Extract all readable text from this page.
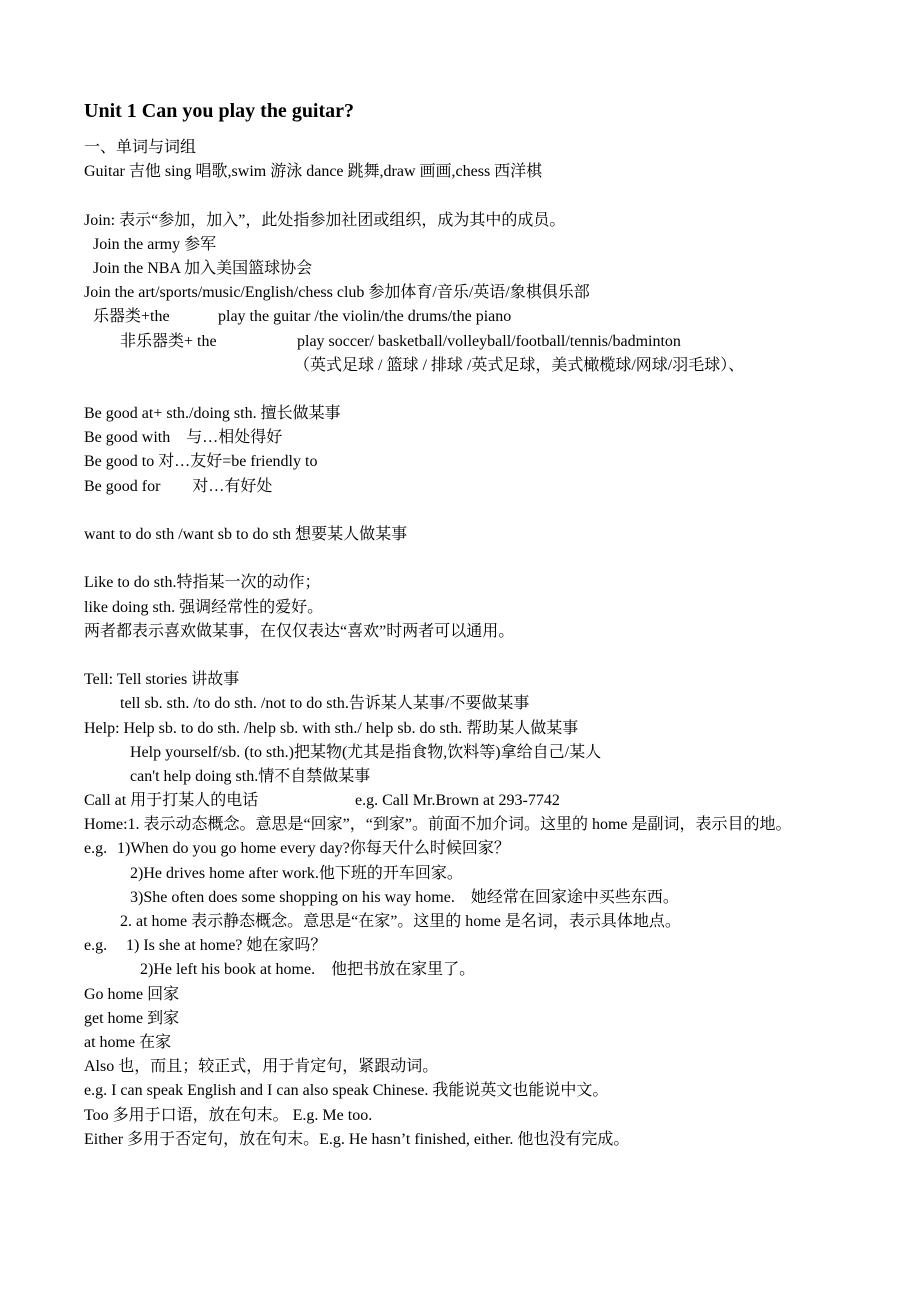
Unit 1 Can you play the guitar?
一、单词与词组
Guitar 吉他 sing 唱歌,swim 游泳 dance 跳舞,draw 画画,chess 西洋棋
Join: 表示“参加，加入”，此处指参加社团或组织，成为其中的成员。
Join the army 参军
Join the NBA 加入美国篮球协会
Join the art/sports/music/English/chess club 参加体育/音乐/英语/象棋俱乐部
乐器类+the	play the guitar /the violin/the drums/the piano
非乐器类+ the	play soccer/ basketball/volleyball/football/tennis/badminton
（英式足球 / 篮球 / 排球 /英式足球，美式橄榄球/网球/羽毛球）、
Be good at+ sth./doing sth. 擅长做某事
Be good with    与…相处得好
Be good to 对…友好=be friendly to
Be good for        对…有好处
want to do sth /want sb to do sth 想要某人做某事
Like to do sth.特指某一次的动作；
like doing sth. 强调经常性的爱好。
两者都表示喜欢做某事，在仅仅表达“喜欢”时两者可以通用。
Tell: Tell stories 讲故事
tell sb. sth. /to do sth. /not to do sth.告诉某人某事/不要做某事
Help: Help sb. to do sth. /help sb. with sth./ help sb. do sth. 帮助某人做某事
Help yourself/sb. (to sth.)把某物(尤其是指食物,饮料等)拿给自己/某人
can't help doing sth.情不自禁做某事
Call at 用于打某人的电话	e.g. Call Mr.Brown at 293-7742
Home:1. 表示动态概念。意思是“回家”，“到家”。前面不加介词。这里的 home 是副词，表示目的地。
e.g. 1)When do you go home every day?你每天什么时候回家？
2)He drives home after work.他下班的开车回家。
3)She often does some shopping on his way home.    她经常在回家途中买些东西。
2. at home 表示静态概念。意思是“在家”。这里的 home 是名词，表示具体地点。
e.g. 1) Is she at home? 她在家吗？
2)He left his book at home.    他把书放在家里了。
Go home 回家
get home 到家
at home 在家
Also 也，而且；较正式，用于肯定句，紧跟动词。
e.g. I can speak English and I can also speak Chinese. 我能说英文也能说中文。
Too 多用于口语，放在句末。 E.g. Me too.
Either 多用于否定句，放在句末。E.g. He hasn’t finished, either. 他也没有完成。
